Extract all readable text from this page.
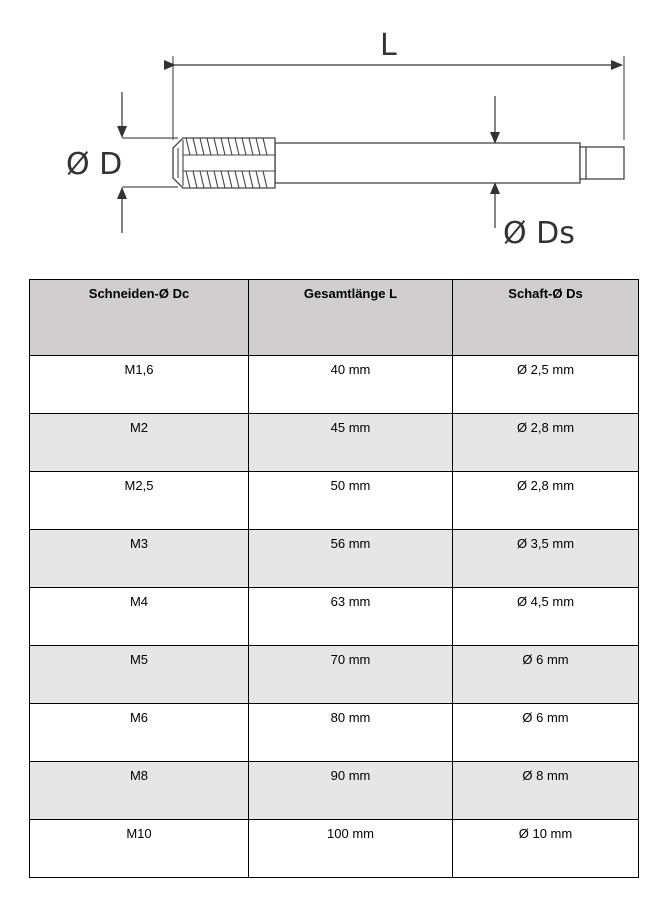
L
Ø D
Ø Ds
Schneiden-Ø Dc	Gesamtlänge L	Schaft-Ø Ds
M1,6	40 mm	Ø 2,5 mm
M2	45 mm	Ø 2,8 mm
M2,5	50 mm	Ø 2,8 mm
M3	56 mm	Ø 3,5 mm
M4	63 mm	Ø 4,5 mm
M5	70 mm	Ø 6 mm
M6	80 mm	Ø 6 mm
M8	90 mm	Ø 8 mm
M10	100 mm	Ø 10 mm
